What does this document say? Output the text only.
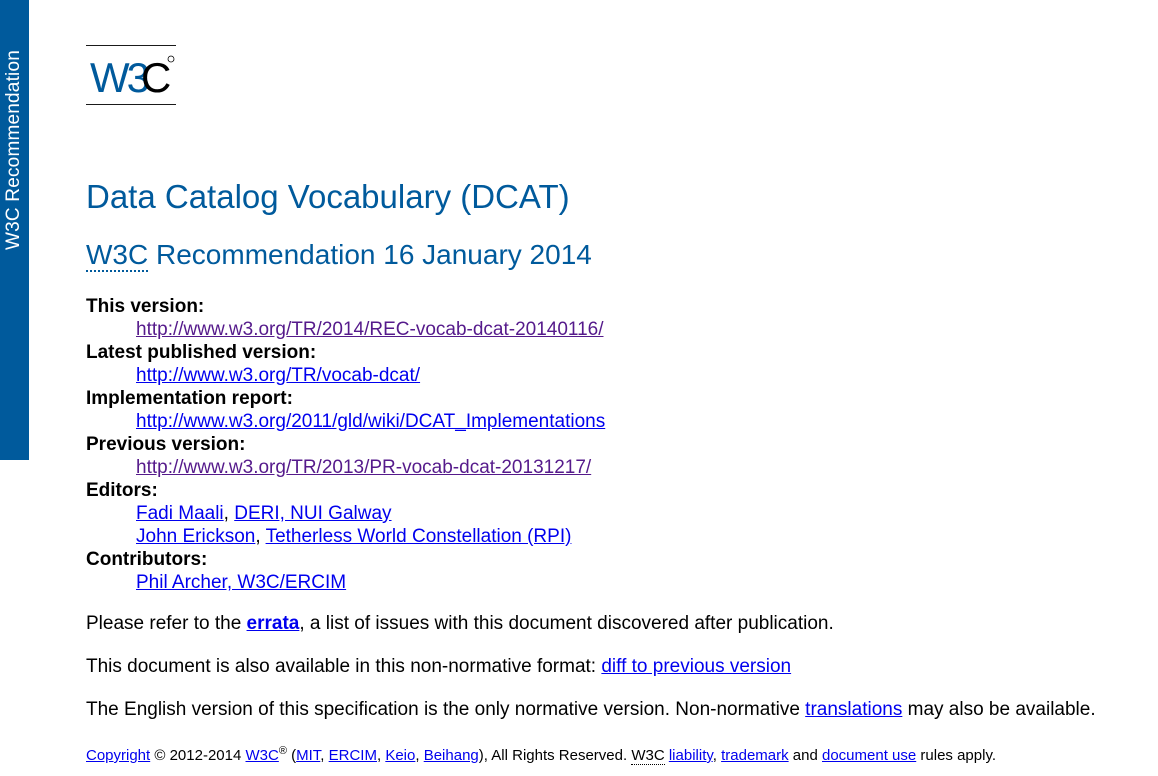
W3C Recommendation W3
C
Data Catalog Vocabulary (DCAT)
W3C Recommendation 16 January 2014
This version:
http://www.w3.org/TR/2014/REC-vocab-dcat-20140116/
Latest published version:
http://www.w3.org/TR/vocab-dcat/
Implementation report:
http://www.w3.org/2011/gld/wiki/DCAT_Implementations
Previous version:
http://www.w3.org/TR/2013/PR-vocab-dcat-20131217/
Editors:
Fadi Maali, DERI, NUI Galway
John Erickson, Tetherless World Constellation (RPI)
Contributors:
Phil Archer, W3C/ERCIM

Please refer to the errata, a list of issues with this document discovered after publication.

This document is also available in this non-normative format: diff to previous version

The English version of this specification is the only normative version. Non-normative translations may also be available.

Copyright © 2012-2014 W3C® (MIT, ERCIM, Keio, Beihang), All Rights Reserved. W3C liability, trademark and document use rules apply.
